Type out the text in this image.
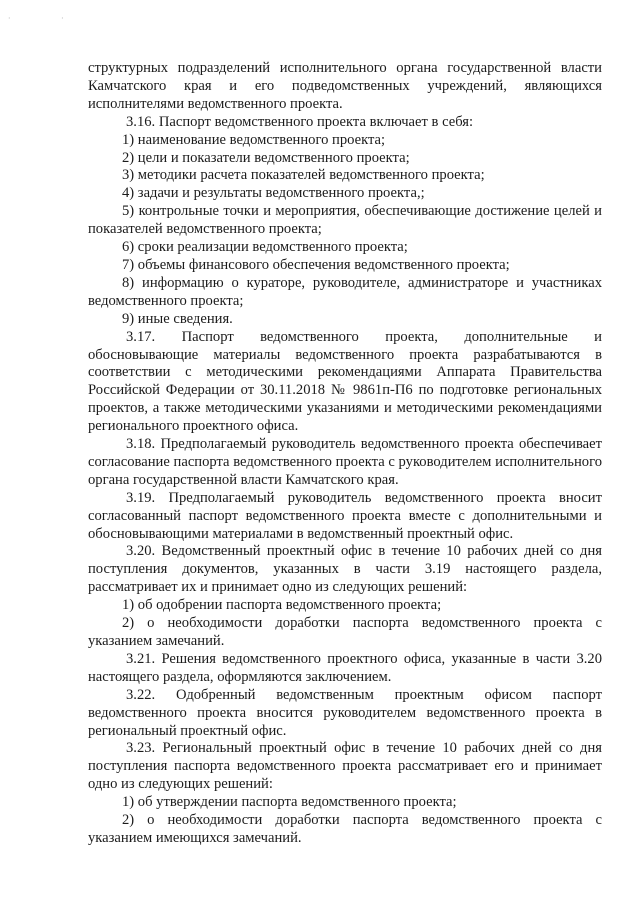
· ·

структурных подразделений исполнительного органа государственной власти Камчатского края и его подведомственных учреждений, являющихся исполнителями ведомственного проекта.

3.16. Паспорт ведомственного проекта включает в себя:

1) наименование ведомственного проекта;

2) цели и показатели ведомственного проекта;

3) методики расчета показателей ведомственного проекта;

4) задачи и результаты ведомственного проекта,;

5) контрольные точки и мероприятия, обеспечивающие достижение целей и показателей ведомственного проекта;

6) сроки реализации ведомственного проекта;

7) объемы финансового обеспечения ведомственного проекта;

8) информацию о кураторе, руководителе, администраторе и участниках ведомственного проекта;

9) иные сведения.

3.17. Паспорт ведомственного проекта, дополнительные и обосновывающие материалы ведомственного проекта разрабатываются в соответствии с методическими рекомендациями Аппарата Правительства Российской Федерации от 30.11.2018 № 9861п-П6 по подготовке региональных проектов, а также методическими указаниями и методическими рекомендациями регионального проектного офиса.

3.18. Предполагаемый руководитель ведомственного проекта обеспечивает согласование паспорта ведомственного проекта с руководителем исполнительного органа государственной власти Камчатского края.

3.19. Предполагаемый руководитель ведомственного проекта вносит согласованный паспорт ведомственного проекта вместе с дополнительными и обосновывающими материалами в ведомственный проектный офис.

3.20. Ведомственный проектный офис в течение 10 рабочих дней со дня поступления документов, указанных в части 3.19 настоящего раздела, рассматривает их и принимает одно из следующих решений:

1) об одобрении паспорта ведомственного проекта;

2) о необходимости доработки паспорта ведомственного проекта с указанием замечаний.

3.21. Решения ведомственного проектного офиса, указанные в части 3.20 настоящего раздела, оформляются заключением.

3.22. Одобренный ведомственным проектным офисом паспорт ведомственного проекта вносится руководителем ведомственного проекта в региональный проектный офис.

3.23. Региональный проектный офис в течение 10 рабочих дней со дня поступления паспорта ведомственного проекта рассматривает его и принимает одно из следующих решений:

1) об утверждении паспорта ведомственного проекта;

2) о необходимости доработки паспорта ведомственного проекта с указанием имеющихся замечаний.
